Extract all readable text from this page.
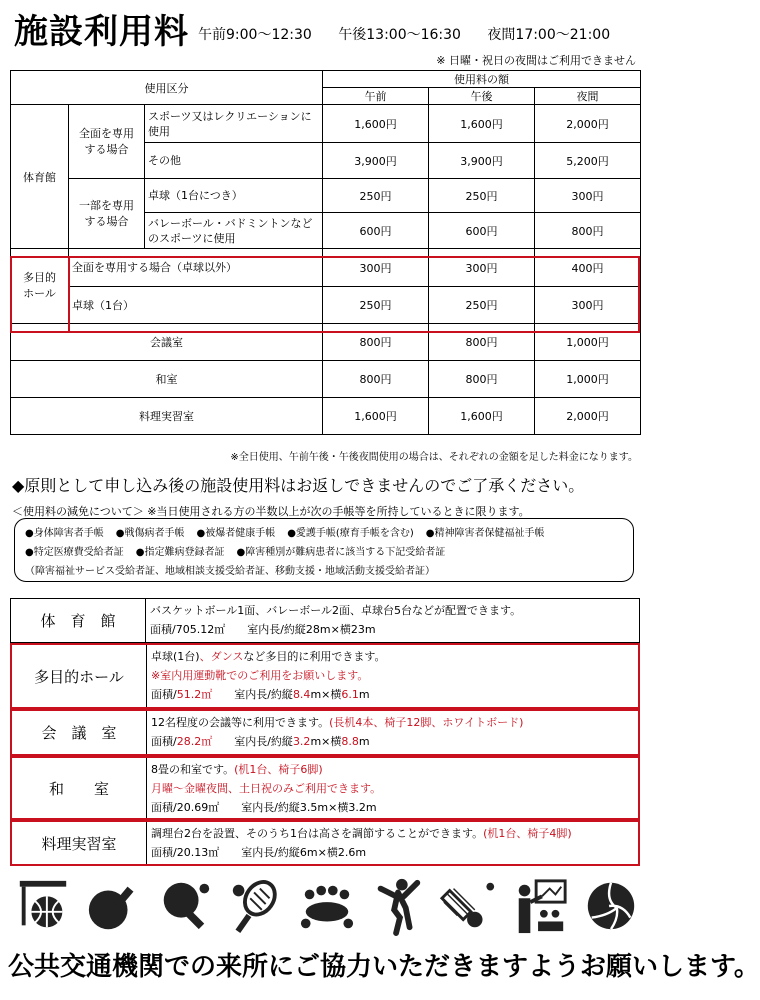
施設利用料 午前9:00～12:30 午後13:00～16:30 夜間17:00～21:00
※ 日曜・祝日の夜間はご利用できません
使用区分			使用料の額		
			午前	午後	夜間
体育館	全面を専用
する場合	スポーツ又はレクリエーションに使用	1,600円	1,600円	2,000円
		その他	3,900円	3,900円	5,200円
	一部を専用
する場合	卓球（1台につき）	250円	250円	300円
		バレーボール・バドミントンなどのスポーツに使用	600円	600円	800円
多目的
ホール	全面を専用する場合（卓球以外）		300円	300円	400円
	卓球（1台）		250円	250円	300円
会議室			800円	800円	1,000円
和室			800円	800円	1,000円
料理実習室			1,600円	1,600円	2,000円
※全日使用、午前午後・午後夜間使用の場合は、それぞれの金額を足した料金になります。
◆原則として申し込み後の施設使用料はお返しできませんのでご了承ください。
＜使用料の減免について＞ ※当日使用される方の半数以上が次の手帳等を所持しているときに限ります。
●身体障害者手帳 ●戦傷病者手帳 ●被爆者健康手帳 ●愛護手帳(療育手帳を含む) ●精神障害者保健福祉手帳
●特定医療費受給者証 ●指定難病登録者証 ●障害種別が難病患者に該当する下記受給者証
（障害福祉サービス受給者証、地域相談支援受給者証、移動支援・地域活動支援受給者証）
体　育　館
バスケットボール1面、バレーボール2面、卓球台5台などが配置できます。
面積/705.12㎡　　室内長/約縦28m×横23m
多目的ホール
卓球(1台)、ダンスなど多目的に利用できます。
※室内用運動靴でのご利用をお願いします。
面積/51.2㎡　　室内長/約縦8.4m×横6.1m
会　議　室
12名程度の会議等に利用できます。(長机4本、椅子12脚、ホワイトボード)
面積/28.2㎡　　室内長/約縦3.2m×横8.8m
和　　室
8畳の和室です。(机1台、椅子6脚)
月曜～金曜夜間、土日祝のみご利用できます。
面積/20.69㎡　　室内長/約縦3.5m×横3.2m
料理実習室
調理台2台を設置、そのうち1台は高さを調節することができます。(机1台、椅子4脚)
面積/20.13㎡　　室内長/約縦6m×横2.6m
公共交通機関での来所にご協力いただきますようお願いします。
